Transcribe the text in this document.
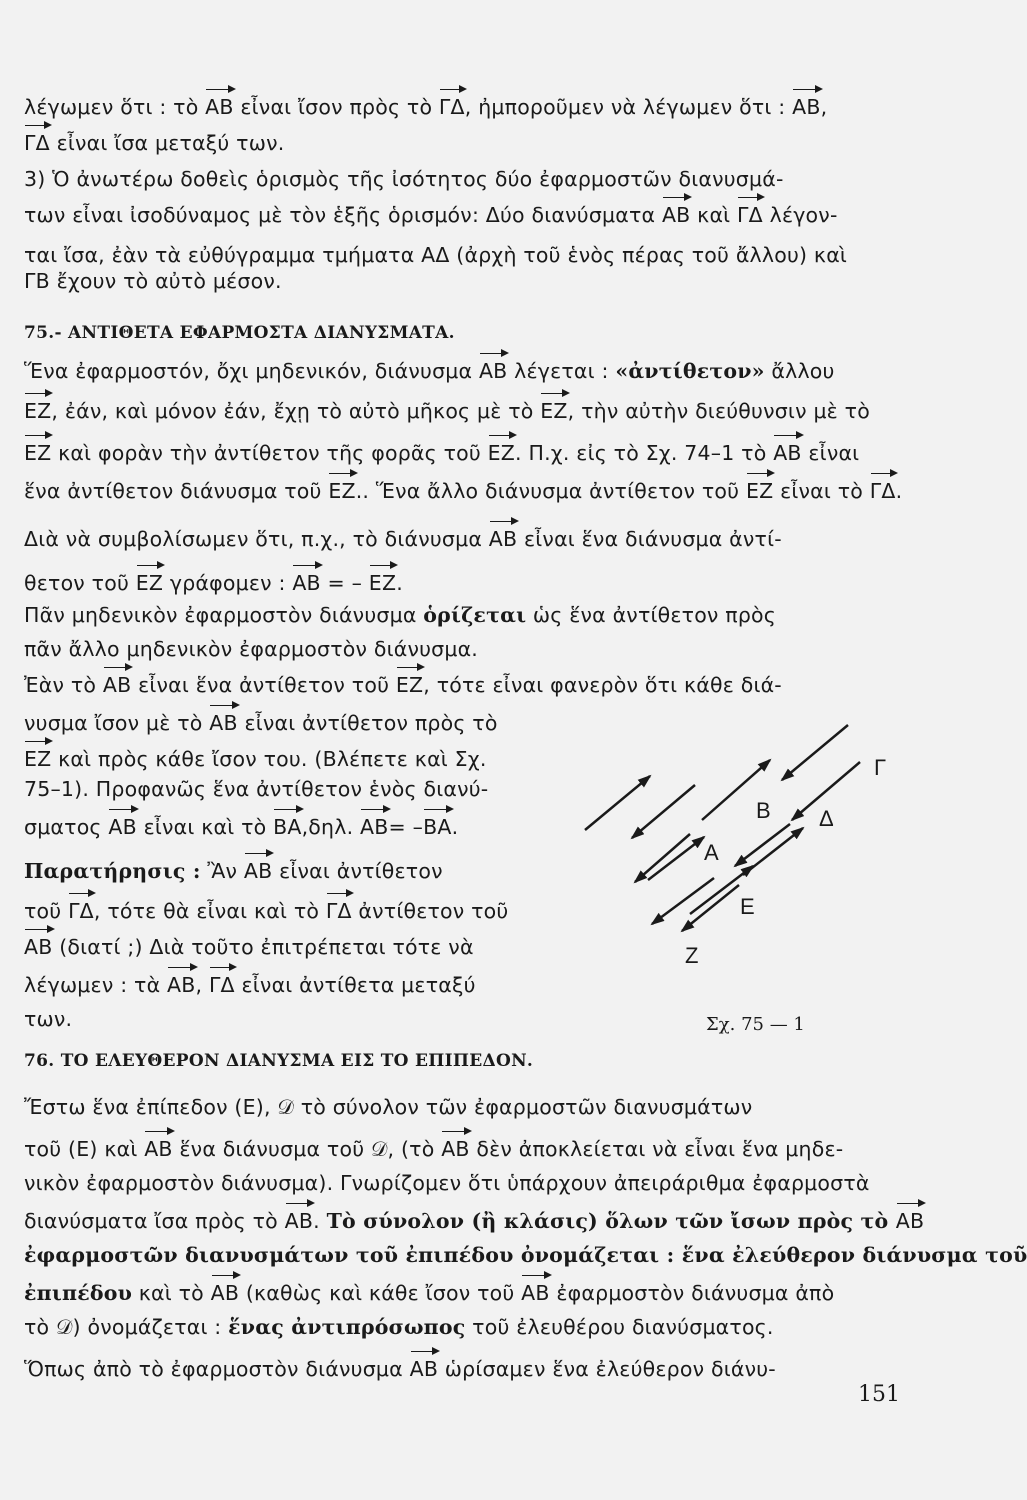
λέγωμεν ὅτι : τὸ ΑΒ εἶναι ἴσον πρὸς τὸ ΓΔ, ἠμποροῦμεν νὰ λέγωμεν ὅτι : ΑΒ,
ΓΔ εἶναι ἴσα μεταξύ των.
3) Ὁ ἀνωτέρω δοθεὶς ὁρισμὸς τῆς ἰσότητος δύο ἐφαρμοστῶν διανυσμά-
των εἶναι ἰσοδύναμος μὲ τὸν ἑξῆς ὁρισμόν: Δύο διανύσματα ΑΒ καὶ ΓΔ λέγον-
ται ἴσα, ἐὰν τὰ εὐθύγραμμα τμήματα ΑΔ (ἀρχὴ τοῦ ἑνὸς πέρας τοῦ ἄλλου) καὶ
ΓΒ ἔχουν τὸ αὐτὸ μέσον.
75.- ΑΝΤΙΘΕΤΑ ΕΦΑΡΜΟΣΤΑ ΔΙΑΝΥΣΜΑΤΑ.
Ἕνα ἐφαρμοστόν, ὄχι μηδενικόν, διάνυσμα ΑΒ λέγεται : «ἀντίθετον» ἄλλου
ΕΖ, ἐάν, καὶ μόνον ἐάν, ἔχῃ τὸ αὐτὸ μῆκος μὲ τὸ ΕΖ, τὴν αὐτὴν διεύθυνσιν μὲ τὸ
ΕΖ καὶ φορὰν τὴν ἀντίθετον τῆς φορᾶς τοῦ ΕΖ. Π.χ. εἰς τὸ Σχ. 74–1 τὸ ΑΒ εἶναι
ἕνα ἀντίθετον διάνυσμα τοῦ ΕΖ.. Ἕνα ἄλλο διάνυσμα ἀντίθετον τοῦ ΕΖ εἶναι τὸ ΓΔ.
Διὰ νὰ συμβολίσωμεν ὅτι, π.χ., τὸ διάνυσμα ΑΒ εἶναι ἕνα διάνυσμα ἀντί-
θετον τοῦ ΕΖ γράφομεν : ΑΒ = – ΕΖ.
Πᾶν μηδενικὸν ἐφαρμοστὸν διάνυσμα ὁρίζεται ὡς ἕνα ἀντίθετον πρὸς
πᾶν ἄλλο μηδενικὸν ἐφαρμοστὸν διάνυσμα.
Ἐὰν τὸ ΑΒ εἶναι ἕνα ἀντίθετον τοῦ ΕΖ, τότε εἶναι φανερὸν ὅτι κάθε διά-
νυσμα ἴσον μὲ τὸ ΑΒ εἶναι ἀντίθετον πρὸς τὸ
ΕΖ καὶ πρὸς κάθε ἴσον του. (Βλέπετε καὶ Σχ.
75–1). Προφανῶς ἕνα ἀντίθετον ἑνὸς διανύ-
σματος ΑΒ εἶναι καὶ τὸ ΒΑ,δηλ. ΑΒ= –ΒΑ.
Παρατήρησις : Ἂν ΑΒ εἶναι ἀντίθετον
τοῦ ΓΔ, τότε θὰ εἶναι καὶ τὸ ΓΔ ἀντίθετον τοῦ
ΑΒ (διατί ;) Διὰ τοῦτο ἐπιτρέπεται τότε νὰ
λέγωμεν : τὰ ΑΒ, ΓΔ εἶναι ἀντίθετα μεταξύ
των.
76. ΤΟ ΕΛΕΥΘΕΡΟΝ ΔΙΑΝΥΣΜΑ ΕΙΣ ΤΟ ΕΠΙΠΕΔΟΝ.
Ἔστω ἕνα ἐπίπεδον (Ε), 𝒟 τὸ σύνολον τῶν ἐφαρμοστῶν διανυσμάτων
τοῦ (Ε) καὶ ΑΒ ἕνα διάνυσμα τοῦ 𝒟, (τὸ ΑΒ δὲν ἀποκλείεται νὰ εἶναι ἕνα μηδε-
νικὸν ἐφαρμοστὸν διάνυσμα). Γνωρίζομεν ὅτι ὑπάρχουν ἀπειράριθμα ἐφαρμοστὰ
διανύσματα ἴσα πρὸς τὸ ΑΒ. Τὸ σύνολον (ἢ κλάσις) ὅλων τῶν ἴσων πρὸς τὸ ΑΒ
ἐφαρμοστῶν διανυσμάτων τοῦ ἐπιπέδου ὀνομάζεται : ἕνα ἐλεύθερον διάνυσμα τοῦ
ἐπιπέδου καὶ τὸ ΑΒ (καθὼς καὶ κάθε ἴσον τοῦ ΑΒ ἐφαρμοστὸν διάνυσμα ἀπὸ
τὸ 𝒟) ὀνομάζεται : ἕνας ἀντιπρόσωπος τοῦ ἐλευθέρου διανύσματος.
Ὅπως ἀπὸ τὸ ἐφαρμοστὸν διάνυσμα ΑΒ ὡρίσαμεν ἕνα ἐλεύθερον διάνυ-
Γ
Β Δ
Α
Ε
Ζ
Σχ. 75 — 1
151
